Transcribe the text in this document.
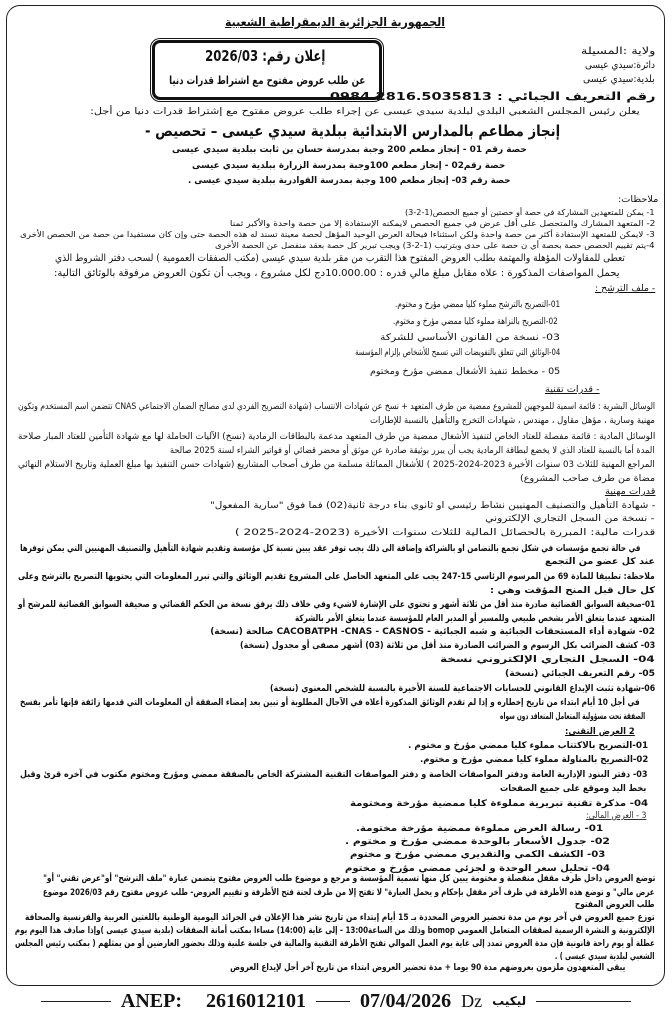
الجمهورية الجزائرية الديمقراطية الشعبية
إعلان رقم: 2026/03
عن طلب عروض مفتوح مع اشتراط قدرات دنيا
ولاية :المسيلة
دائرة:سيدي عيسى
بلدية:سيدي عيسى
رقم التعريف الجبائي : 0984.2816.5035813
يعلن رئيس المجلس الشعبي البلدي لبلدية سيدي عيسى عن إجراء طلب عروض مفتوح مع إشتراط قدرات دنيا من أجل:
إنجاز مطاعم بالمدارس الابتدائية ببلدية سيدي عيسى – تحصيص -
حصة رقم 01 - إنجاز مطعم 200 وجبة بمدرسة حسان بن ثابت ببلدية سيدي عيسى
حصة رقم02 - إنجاز مطعم 100وجبة بمدرسة الزرارة ببلدية سيدي عيسى
حصة رقم 03- إنجاز مطعم 100 وجبة بمدرسة القوادرية ببلدية سيدي عيسى .
ملاحظات:
1- يمكن للمتعهدين المشاركة في حصة أو حصتين أو جميع الحصص(1-2-3)
2- المتعهد المشارك والمتحصل على أقل عرض في جميع الحصص لايمكنه الإستفادة إلا من حصة واحدة والأكبر ثمنا
3- لايمكن للمتعهد الإستفادة أكثر من حصة واحدة ولكن استثناءا فيحالة العرض الوحيد المؤهل لحصة معينة تسند له هذه الحصة حتى وإن كان مستفيدا من حصة من الحصص الأخرى
4-يتم تقييم الحصص حصة بحصة أي ن حصة على حدى وبترتيب (1-2-3) ويجب تبرير كل حصة بعقد منفصل عن الحصة الأخرى
تعطى للمقاولات المؤهلة والمهتمة بطلب العروض المفتوح هذا التقرب من مقر بلدية سيدي عيسى (مكتب الصفقات العمومية ) لسحب دفتر الشروط الذي
يحمل المواصفات المذكورة : علاه مقابل مبلغ مالي قدره : 10.000.00دج لكل مشروع ، ويجب أن تكون العروض مرفوقة بالوثائق التالية:
- ملف الترشح :
01-التصريح بالترشح مملوء كليا ممضي مؤرخ و مختوم.
02-التصريح بالنزاهة مملوء كليا ممضي مؤرخ و مختوم.
03- نسخة من القانون الأساسي للشركة
04-الوثائق التي تتعلق بالتفويضات التي تسمح للأشخاص بإلزام المؤسسة
05 - مخطط تنفيذ الأشغال ممضي مؤرخ ومختوم
- قدرات تقنية
الوسائل البشرية : قائمة اسمية للموجهين للمشروع ممضية من طرف المتعهد + نسخ عن شهادات الانتساب (شهادة التصريح الفردي لدى مصالح الضمان الاجتماعي CNAS تتضمن اسم المستخدم وتكون
مهنية وسارية ، مؤهل مقاول ، مهندس ، شهادات التخرج والتأهيل بالنسبة للإطارات
الوسائل المادية : قائمة مفصلة للعتاد الخاص لتنفيذ الأشغال ممضية من طرف المتعهد مدعمة بالبطاقات الرمادية (نسخ) الآليات الحاملة لها مع شهادة التأمين للعتاد المبار صلاحة
المدة أما بالنسبة للعتاد الذي لا يخضع لبطاقة الرمادية يجب أن يبرر بوثيقة صادرة عن موثق أو محضر قضائي أو فواتير الشراء لسنة 2025 صالحة
المراجع المهنية للثلاث 03 سنوات الأخيرة 2023-2024-2025 ) للأشغال المماثلة مسلمة من طرف أصحاب المشاريع (شهادات حسن التنفيذ بها مبلغ العملية وتاريخ الاستلام النهائي
مضاة من طرف صاحب المشروع)
قدرات مهنية
- شهادة التأهيل والتصنيف المهنيين نشاط رئيسي او ثانوي بناء درجة ثانية(02) فما فوق "سارية المفعول"
- نسخة من السجل التجاري الإلكتروني
قدرات مالية: المبررة بالحصائل المالية للثلاث سنوات الأخيرة (2023-2024-2025 )
في حالة تجمع مؤسسات في شكل تجمع بالتضامن او بالشراكة وإضافة الى ذلك يجب توفر عقد يبين نسبة كل مؤسسة وتقديم شهادة التأهيل والتصنيف المهنيين التي يمكن توفرها
عند كل عضو من التجمع
ملاحظة: تطبيقا للمادة 69 من المرسوم الرئاسي 15-247 يجب على المتعهد الحاصل على المشروع تقديم الوثائق والتي تبرر المعلومات التي يحتويها التصريح بالترشح وعلى
كل حال قبل المنح المؤقت وهي :
01-صحيفة السوابق القضائية صادرة منذ أقل من ثلاثة أشهر و تحتوي على الإشارة لاشيء وفي خلاف ذلك يرفق نسخة من الحكم القضائي و صحيفة السوابق القضائية للمرشح أو
المتعهد عندما يتعلق الأمر بشخص طبيعي وللمسير أو المدير العام للمؤسسة عندما يتعلق الأمر بالشركة
02- شهادة أداء المستحقات الجبائية و شبه الجبائية - CACOBATPH -CNAS - CASNOS صالحة (نسخة)
03- كشف الضرائب بكل الرسوم و الضرائب الصادرة منذ أقل من ثلاثة (03) أشهر مصفى أو مجدول (نسخة)
04- السجل التجاري الإلكتروني نسخة
05- رقم التعريف الجبائي (نسخة)
06-شهادة تثبت الإيداع القانوني للحسابات الاجتماعية للسنة الأخيرة بالنسبة للشخص المعنوي (نسخة)
في أجل 10 أيام ابتداء من تاريخ إخطاره و إذا لم تقدم الوثائق المذكورة أعلاه في الآجال المطلوبة أو تبين بعد إمضاء الصفقة أن المعلومات التي قدمها زائفة فإنها تأمر بفسخ
الصفقة تحت مسؤولية المتعامل المتعاقد دون سواه
2 العرض التقني:
01-التصريح بالاكتتاب مملوء كليا ممضي مؤرخ و مختوم .
02-التصريح بالمناولة مملوء كليا ممضي مؤرخ و مختوم.
03- دفتر البنود الإدارية العامة ودفتر المواصفات الخاصة و دفتر المواصفات التقنية المشتركة الخاص بالصفقة ممضي ومؤرخ ومختوم مكتوب في آخره قرئ وقبل
بخط اليد وموقع على جميع الصفحات
04- مذكرة تقنية تبريرية مملوءة كليا ممضية مؤرخة ومختومة
3 - العرض المالي:
01- رسالة العرض مملوءة ممضية مؤرخة مختومة.
02- جدول الأسعار بالوحدة ممضي مؤرخ و مختوم .
03- الكشف الكمي والتقديري ممضي مؤرخ و مختوم
04- تحليل سعر الوحدة و لجزئي ممضي مؤرخ و مختوم
توضع العروض داخل ظرف مقفل منفصلة و مختومة يبين كل منها تسمية المؤسسة و مرجع و موضوع طلب العروض مفتوح يتضمن عبارة "ملف الترشح" أو"عرض تقني" أو"
عرض مالي" و توضع هذه الأظرفة في ظرف آخر مقفل بإحكام و يحمل العبارة" لا تفتح إلا من طرف لجنة فتح الأظرفة و تقييم العروض- طلب عروض مفتوح رقم 2026/03 موضوع
طلب العروض المفتوح
توزع جميع العروض في آخر يوم من مدة تحضير العروض المحددة بـ 15 أيام إبتداء من تاريخ نشر هذا الإعلان في الجرائد اليومية الوطنية باللغتين العربية والفرنسية والصحافة
الإلكترونية و النشرة الرسمية لصفقات المتعامل العمومي bomop وذلك من الساعة13:00 - إلى غاية (14:00) مساءا بمكتب أمانة الصفقات (بلدية سيدي عيسى )وإذا صادف هذا اليوم يوم
عطلة أو يوم راحة قانونية فإن مدة العروض تمدد إلى غاية يوم العمل الموالي تفتح الأظرفة التقنية والمالية في جلسة علنية وذلك بحضور العارضين أو من يمثلهم ( بمكتب رئيس المجلس
الشعبي لبلدية سيدي عيسى ) .
يبقى المتعهدون ملزمون بعروضهم مدة 90 يوما + مدة تحضير العروض ابتداء من تاريخ آخر أجل لإيداع العروض
ANEP: 2616012101	07/04/2026 Dz ليكيب
